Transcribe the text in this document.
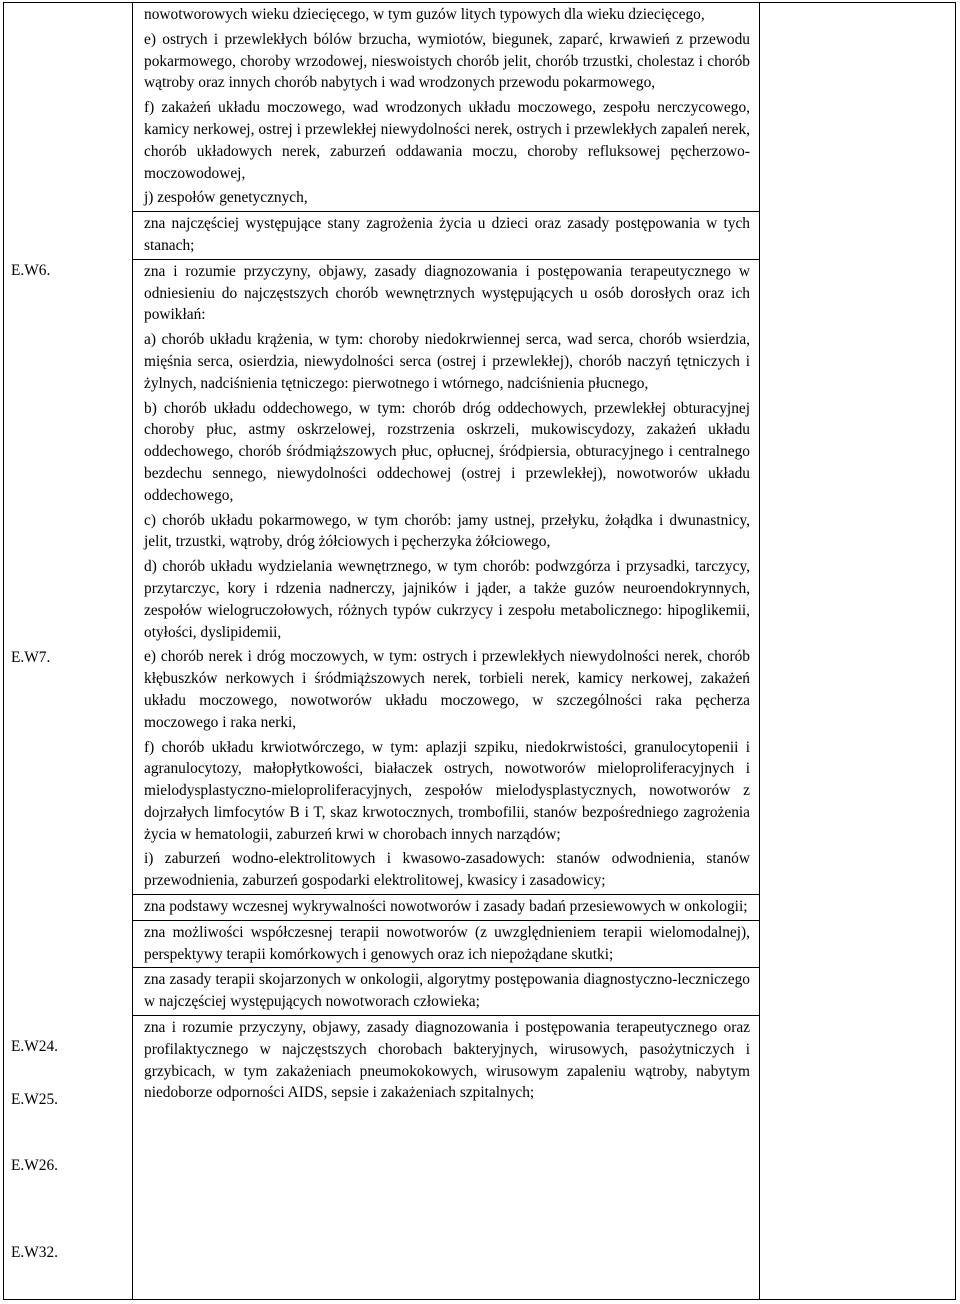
E.W6.
E.W7.
E.W24.
E.W25.
E.W26.
E.W32.

nowotworowych wieku dziecięcego, w tym guzów litych typowych dla wieku dziecięcego,

e) ostrych i przewlekłych bólów brzucha, wymiotów, biegunek, zaparć, krwawień z przewodu pokarmowego, choroby wrzodowej, nieswoistych chorób jelit, chorób trzustki, cholestaz i chorób wątroby oraz innych chorób nabytych i wad wrodzonych przewodu pokarmowego,

f) zakażeń układu moczowego, wad wrodzonych układu moczowego, zespołu nerczycowego, kamicy nerkowej, ostrej i przewlekłej niewydolności nerek, ostrych i przewlekłych zapaleń nerek, chorób układowych nerek, zaburzeń oddawania moczu, choroby refluksowej pęcherzowo-moczowodowej,

j) zespołów genetycznych,

zna najczęściej występujące stany zagrożenia życia u dzieci oraz zasady postępowania w tych stanach;

zna i rozumie przyczyny, objawy, zasady diagnozowania i postępowania terapeutycznego w odniesieniu do najczęstszych chorób wewnętrznych występujących u osób dorosłych oraz ich powikłań:

a) chorób układu krążenia, w tym: choroby niedokrwiennej serca, wad serca, chorób wsierdzia, mięśnia serca, osierdzia, niewydolności serca (ostrej i przewlekłej), chorób naczyń tętniczych i żylnych, nadciśnienia tętniczego: pierwotnego i wtórnego, nadciśnienia płucnego,

b) chorób układu oddechowego, w tym: chorób dróg oddechowych, przewlekłej obturacyjnej choroby płuc, astmy oskrzelowej, rozstrzenia oskrzeli, mukowiscydozy, zakażeń układu oddechowego, chorób śródmiąższowych płuc, opłucnej, śródpiersia, obturacyjnego i centralnego bezdechu sennego, niewydolności oddechowej (ostrej i przewlekłej), nowotworów układu oddechowego,

c) chorób układu pokarmowego, w tym chorób: jamy ustnej, przełyku, żołądka i dwunastnicy, jelit, trzustki, wątroby, dróg żółciowych i pęcherzyka żółciowego,

d) chorób układu wydzielania wewnętrznego, w tym chorób: podwzgórza i przysadki, tarczycy, przytarczyc, kory i rdzenia nadnerczy, jajników i jąder, a także guzów neuroendokrynnych, zespołów wielogruczołowych, różnych typów cukrzycy i zespołu metabolicznego: hipoglikemii, otyłości, dyslipidemii,

e) chorób nerek i dróg moczowych, w tym: ostrych i przewlekłych niewydolności nerek, chorób kłębuszków nerkowych i śródmiąższowych nerek, torbieli nerek, kamicy nerkowej, zakażeń układu moczowego, nowotworów układu moczowego, w szczególności raka pęcherza moczowego i raka nerki,

f) chorób układu krwiotwórczego, w tym: aplazji szpiku, niedokrwistości, granulocytopenii i agranulocytozy, małopłytkowości, białaczek ostrych, nowotworów mieloproliferacyjnych i mielodysplastyczno-mieloproliferacyjnych, zespołów mielodysplastycznych, nowotworów z dojrzałych limfocytów B i T, skaz krwotocznych, trombofilii, stanów bezpośredniego zagrożenia życia w hematologii, zaburzeń krwi w chorobach innych narządów;

i) zaburzeń wodno-elektrolitowych i kwasowo-zasadowych: stanów odwodnienia, stanów przewodnienia, zaburzeń gospodarki elektrolitowej, kwasicy i zasadowicy;

zna podstawy wczesnej wykrywalności nowotworów i zasady badań przesiewowych w onkologii;

zna możliwości współczesnej terapii nowotworów (z uwzględnieniem terapii wielomodalnej), perspektywy terapii komórkowych i genowych oraz ich niepożądane skutki;

zna zasady terapii skojarzonych w onkologii, algorytmy postępowania diagnostyczno-leczniczego w najczęściej występujących nowotworach człowieka;

zna i rozumie przyczyny, objawy, zasady diagnozowania i postępowania terapeutycznego oraz profilaktycznego w najczęstszych chorobach bakteryjnych, wirusowych, pasożytniczych i grzybicach, w tym zakażeniach pneumokokowych, wirusowym zapaleniu wątroby, nabytym niedoborze odporności AIDS, sepsie i zakażeniach szpitalnych;
